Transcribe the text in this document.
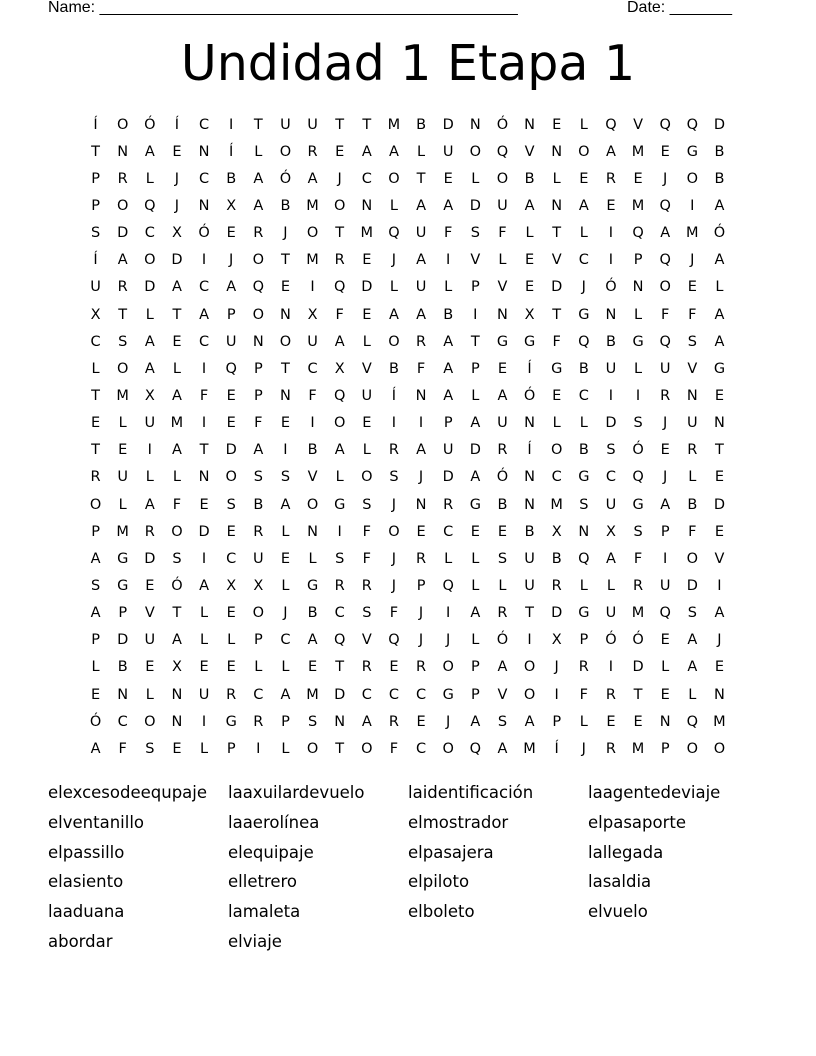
Name: _______________________________________________	Date: _______
Undidad 1 Etapa 1
Í	O	Ó	Í	C	I	T	U	U	T	T	M	B	D	N	Ó	N	E	L	Q	V	Q	Q	D
T	N	A	E	N	Í	L	O	R	E	A	A	L	U	O	Q	V	N	O	A	M	E	G	B
P	R	L	J	C	B	A	Ó	A	J	C	O	T	E	L	O	B	L	E	R	E	J	O	B
P	O	Q	J	N	X	A	B	M	O	N	L	A	A	D	U	A	N	A	E	M	Q	I	A
S	D	C	X	Ó	E	R	J	O	T	M	Q	U	F	S	F	L	T	L	I	Q	A	M	Ó
Í	A	O	D	I	J	O	T	M	R	E	J	A	I	V	L	E	V	C	I	P	Q	J	A
U	R	D	A	C	A	Q	E	I	Q	D	L	U	L	P	V	E	D	J	Ó	N	O	E	L
X	T	L	T	A	P	O	N	X	F	E	A	A	B	I	N	X	T	G	N	L	F	F	A
C	S	A	E	C	U	N	O	U	A	L	O	R	A	T	G	G	F	Q	B	G	Q	S	A
L	O	A	L	I	Q	P	T	C	X	V	B	F	A	P	E	Í	G	B	U	L	U	V	G
T	M	X	A	F	E	P	N	F	Q	U	Í	N	A	L	A	Ó	E	C	I	I	R	N	E
E	L	U	M	I	E	F	E	I	O	E	I	I	P	A	U	N	L	L	D	S	J	U	N
T	E	I	A	T	D	A	I	B	A	L	R	A	U	D	R	Í	O	B	S	Ó	E	R	T
R	U	L	L	N	O	S	S	V	L	O	S	J	D	A	Ó	N	C	G	C	Q	J	L	E
O	L	A	F	E	S	B	A	O	G	S	J	N	R	G	B	N	M	S	U	G	A	B	D
P	M	R	O	D	E	R	L	N	I	F	O	E	C	E	E	B	X	N	X	S	P	F	E
A	G	D	S	I	C	U	E	L	S	F	J	R	L	L	S	U	B	Q	A	F	I	O	V
S	G	E	Ó	A	X	X	L	G	R	R	J	P	Q	L	L	U	R	L	L	R	U	D	I
A	P	V	T	L	E	O	J	B	C	S	F	J	I	A	R	T	D	G	U	M	Q	S	A
P	D	U	A	L	L	P	C	A	Q	V	Q	J	J	L	Ó	I	X	P	Ó	Ó	E	A	J
L	B	E	X	E	E	L	L	E	T	R	E	R	O	P	A	O	J	R	I	D	L	A	E
E	N	L	N	U	R	C	A	M	D	C	C	C	G	P	V	O	I	F	R	T	E	L	N
Ó	C	O	N	I	G	R	P	S	N	A	R	E	J	A	S	A	P	L	E	E	N	Q	M
A	F	S	E	L	P	I	L	O	T	O	F	C	O	Q	A	M	Í	J	R	M	P	O	O
elexcesodeequpaje	laaxuilardevuelo	laidentificación	laagentedeviaje
elventanillo	laaerolínea	elmostrador	elpasaporte
elpassillo	elequipaje	elpasajera	lallegada
elasiento	elletrero	elpiloto	lasaldia
laaduana	lamaleta	elboleto	elvuelo
abordar	elviaje
